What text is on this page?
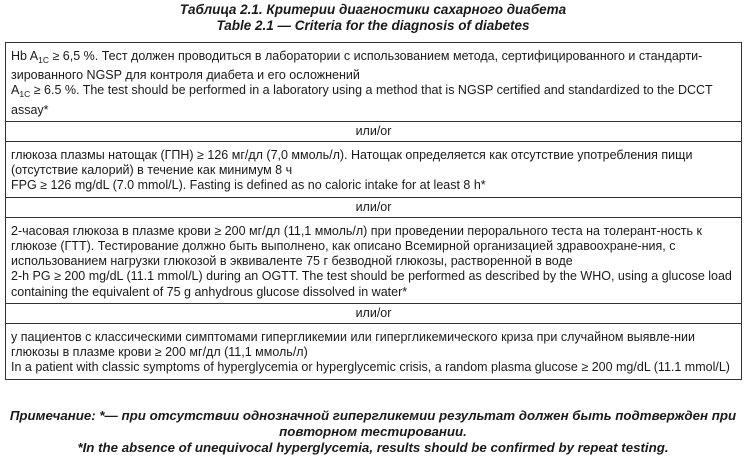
Таблица 2.1. Критерии диагностики сахарного диабета
Table 2.1 — Criteria for the diagnosis of diabetes
Hb $A_{1C} \ge 6,5$ %. Тест должен проводиться в лаборатории с использованием метода, сертифицированного и стандарти-зированного NGSP для контроля диабета и его осложнений
$A_{1C} \ge 6.5$ %. The test should be performed in a laboratory using a method that is NGSP certified and standardized to the DCCT assay*

или/or

глюкоза плазмы натощак (ГПН) ≥ 126 мг/дл (7,0 ммоль/л). Натощак определяется как отсутствие употребления пищи (отсутствие калорий) в течение как минимум 8 ч
FPG ≥ 126 mg/dL (7.0 mmol/L). Fasting is defined as no caloric intake for at least 8 h*

или/or

2-часовая глюкоза в плазме крови ≥ 200 мг/дл (11,1 ммоль/л) при проведении перорального теста на толерант-ность к глюкозе (ГТТ). Тестирование должно быть выполнено, как описано Всемирной организацией здравоохране-ния, с использованием нагрузки глюкозой в эквиваленте 75 г безводной глюкозы, растворенной в воде
2-h PG ≥ 200 mg/dL (11.1 mmol/L) during an OGTT. The test should be performed as described by the WHO, using a glucose load containing the equivalent of 75 g anhydrous glucose dissolved in water*

или/or

у пациентов с классическими симптомами гипергликемии или гипергликемического криза при случайном выявле-нии глюкозы в плазме крови ≥ 200 мг/дл (11,1 ммоль/л)
In a patient with classic symptoms of hyperglycemia or hyperglycemic crisis, a random plasma glucose ≥ 200 mg/dL (11.1 mmol/L)
Примечание: *— при отсутствии однозначной гипергликемии результат должен быть подтвержден при
повторном тестировании.
*In the absence of unequivocal hyperglycemia, results should be confirmed by repeat testing.
